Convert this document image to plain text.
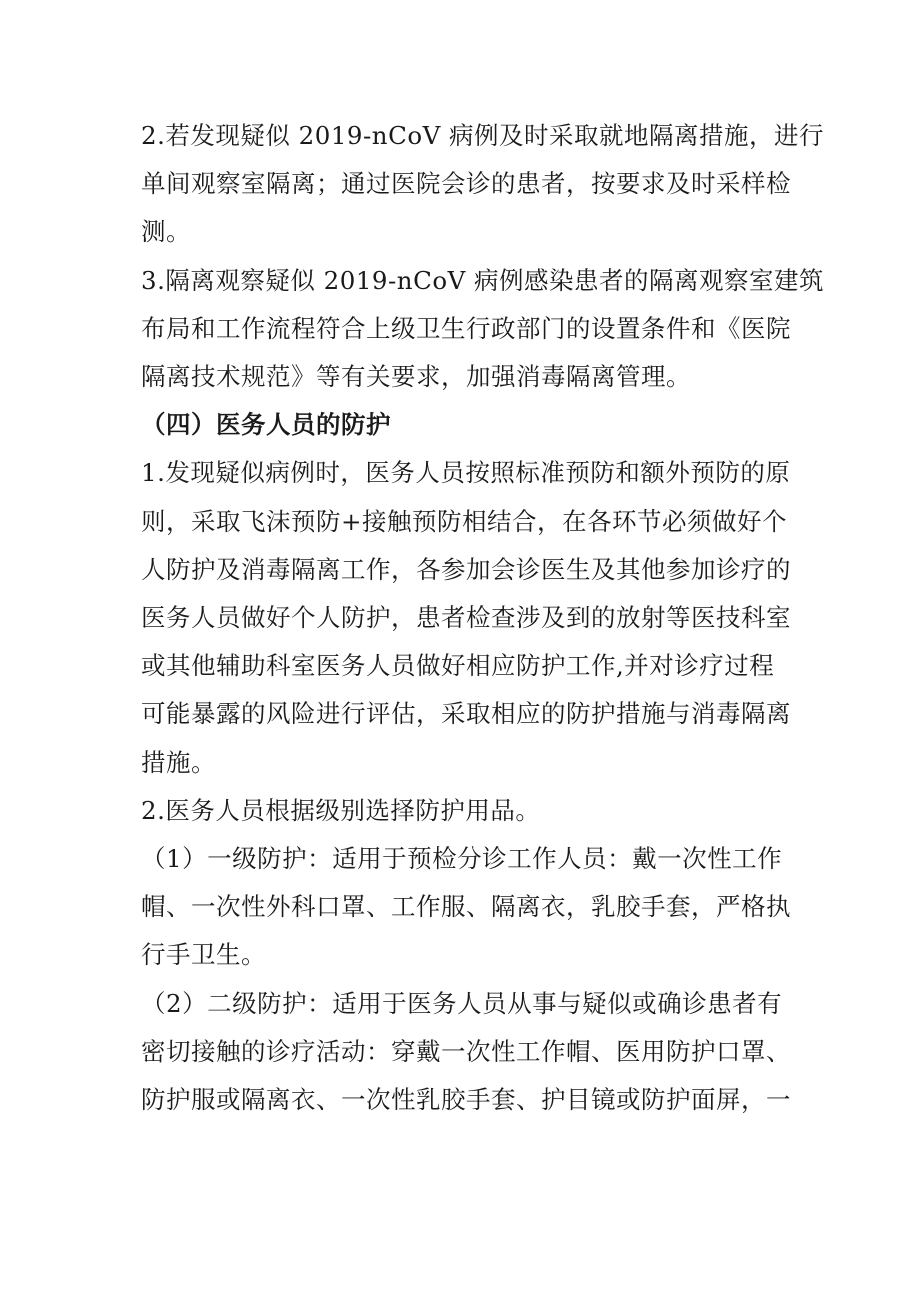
2.若发现疑似 2019-nCoV 病例及时采取就地隔离措施，进行
单间观察室隔离；通过医院会诊的患者，按要求及时采样检
测。
3.隔离观察疑似 2019-nCoV 病例感染患者的隔离观察室建筑
布局和工作流程符合上级卫生行政部门的设置条件和《医院
隔离技术规范》等有关要求，加强消毒隔离管理。
（四）医务人员的防护
1.发现疑似病例时，医务人员按照标准预防和额外预防的原
则，采取飞沫预防+接触预防相结合，在各环节必须做好个
人防护及消毒隔离工作，各参加会诊医生及其他参加诊疗的
医务人员做好个人防护，患者检查涉及到的放射等医技科室
或其他辅助科室医务人员做好相应防护工作,并对诊疗过程
可能暴露的风险进行评估，采取相应的防护措施与消毒隔离
措施。
2.医务人员根据级别选择防护用品。
（1）一级防护：适用于预检分诊工作人员：戴一次性工作
帽、一次性外科口罩、工作服、隔离衣，乳胶手套，严格执
行手卫生。
（2）二级防护：适用于医务人员从事与疑似或确诊患者有
密切接触的诊疗活动：穿戴一次性工作帽、医用防护口罩、
防护服或隔离衣、一次性乳胶手套、护目镜或防护面屏，一
